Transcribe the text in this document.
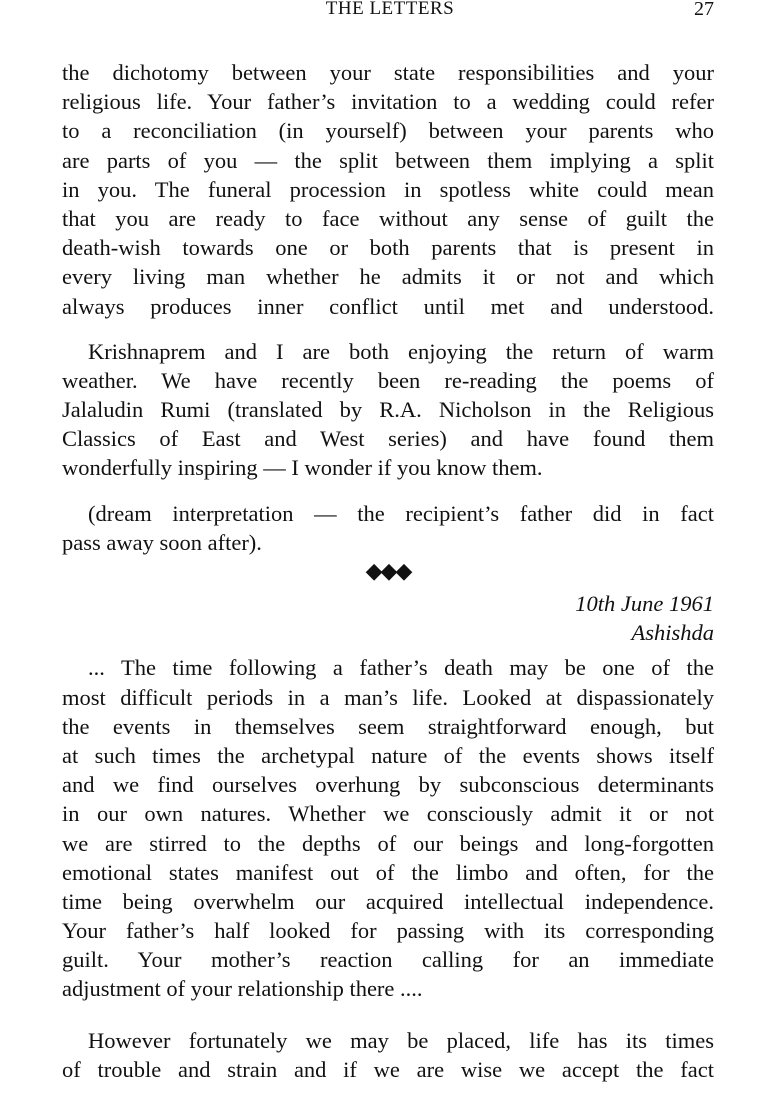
THE LETTERS	27
the dichotomy between your state responsibilities and your
religious life. Your father’s invitation to a wedding could refer
to a reconciliation (in yourself) between your parents who
are parts of you — the split between them implying a split
in you. The funeral procession in spotless white could mean
that you are ready to face without any sense of guilt the
death-wish towards one or both parents that is present in
every living man whether he admits it or not and which
always produces inner conflict until met and understood.
Krishnaprem and I are both enjoying the return of warm
weather. We have recently been re-reading the poems of
Jalaludin Rumi (translated by R.A. Nicholson in the Religious
Classics of East and West series) and have found them
wonderfully inspiring — I wonder if you know them.
(dream interpretation — the recipient’s father did in fact
pass away soon after).
◆◆◆
10th June 1961
Ashishda
... The time following a father’s death may be one of the
most difficult periods in a man’s life. Looked at dispassionately
the events in themselves seem straightforward enough, but
at such times the archetypal nature of the events shows itself
and we find ourselves overhung by subconscious determinants
in our own natures. Whether we consciously admit it or not
we are stirred to the depths of our beings and long-forgotten
emotional states manifest out of the limbo and often, for the
time being overwhelm our acquired intellectual independence.
Your father’s half looked for passing with its corresponding
guilt. Your mother’s reaction calling for an immediate
adjustment of your relationship there ....
However fortunately we may be placed, life has its times
of trouble and strain and if we are wise we accept the fact
